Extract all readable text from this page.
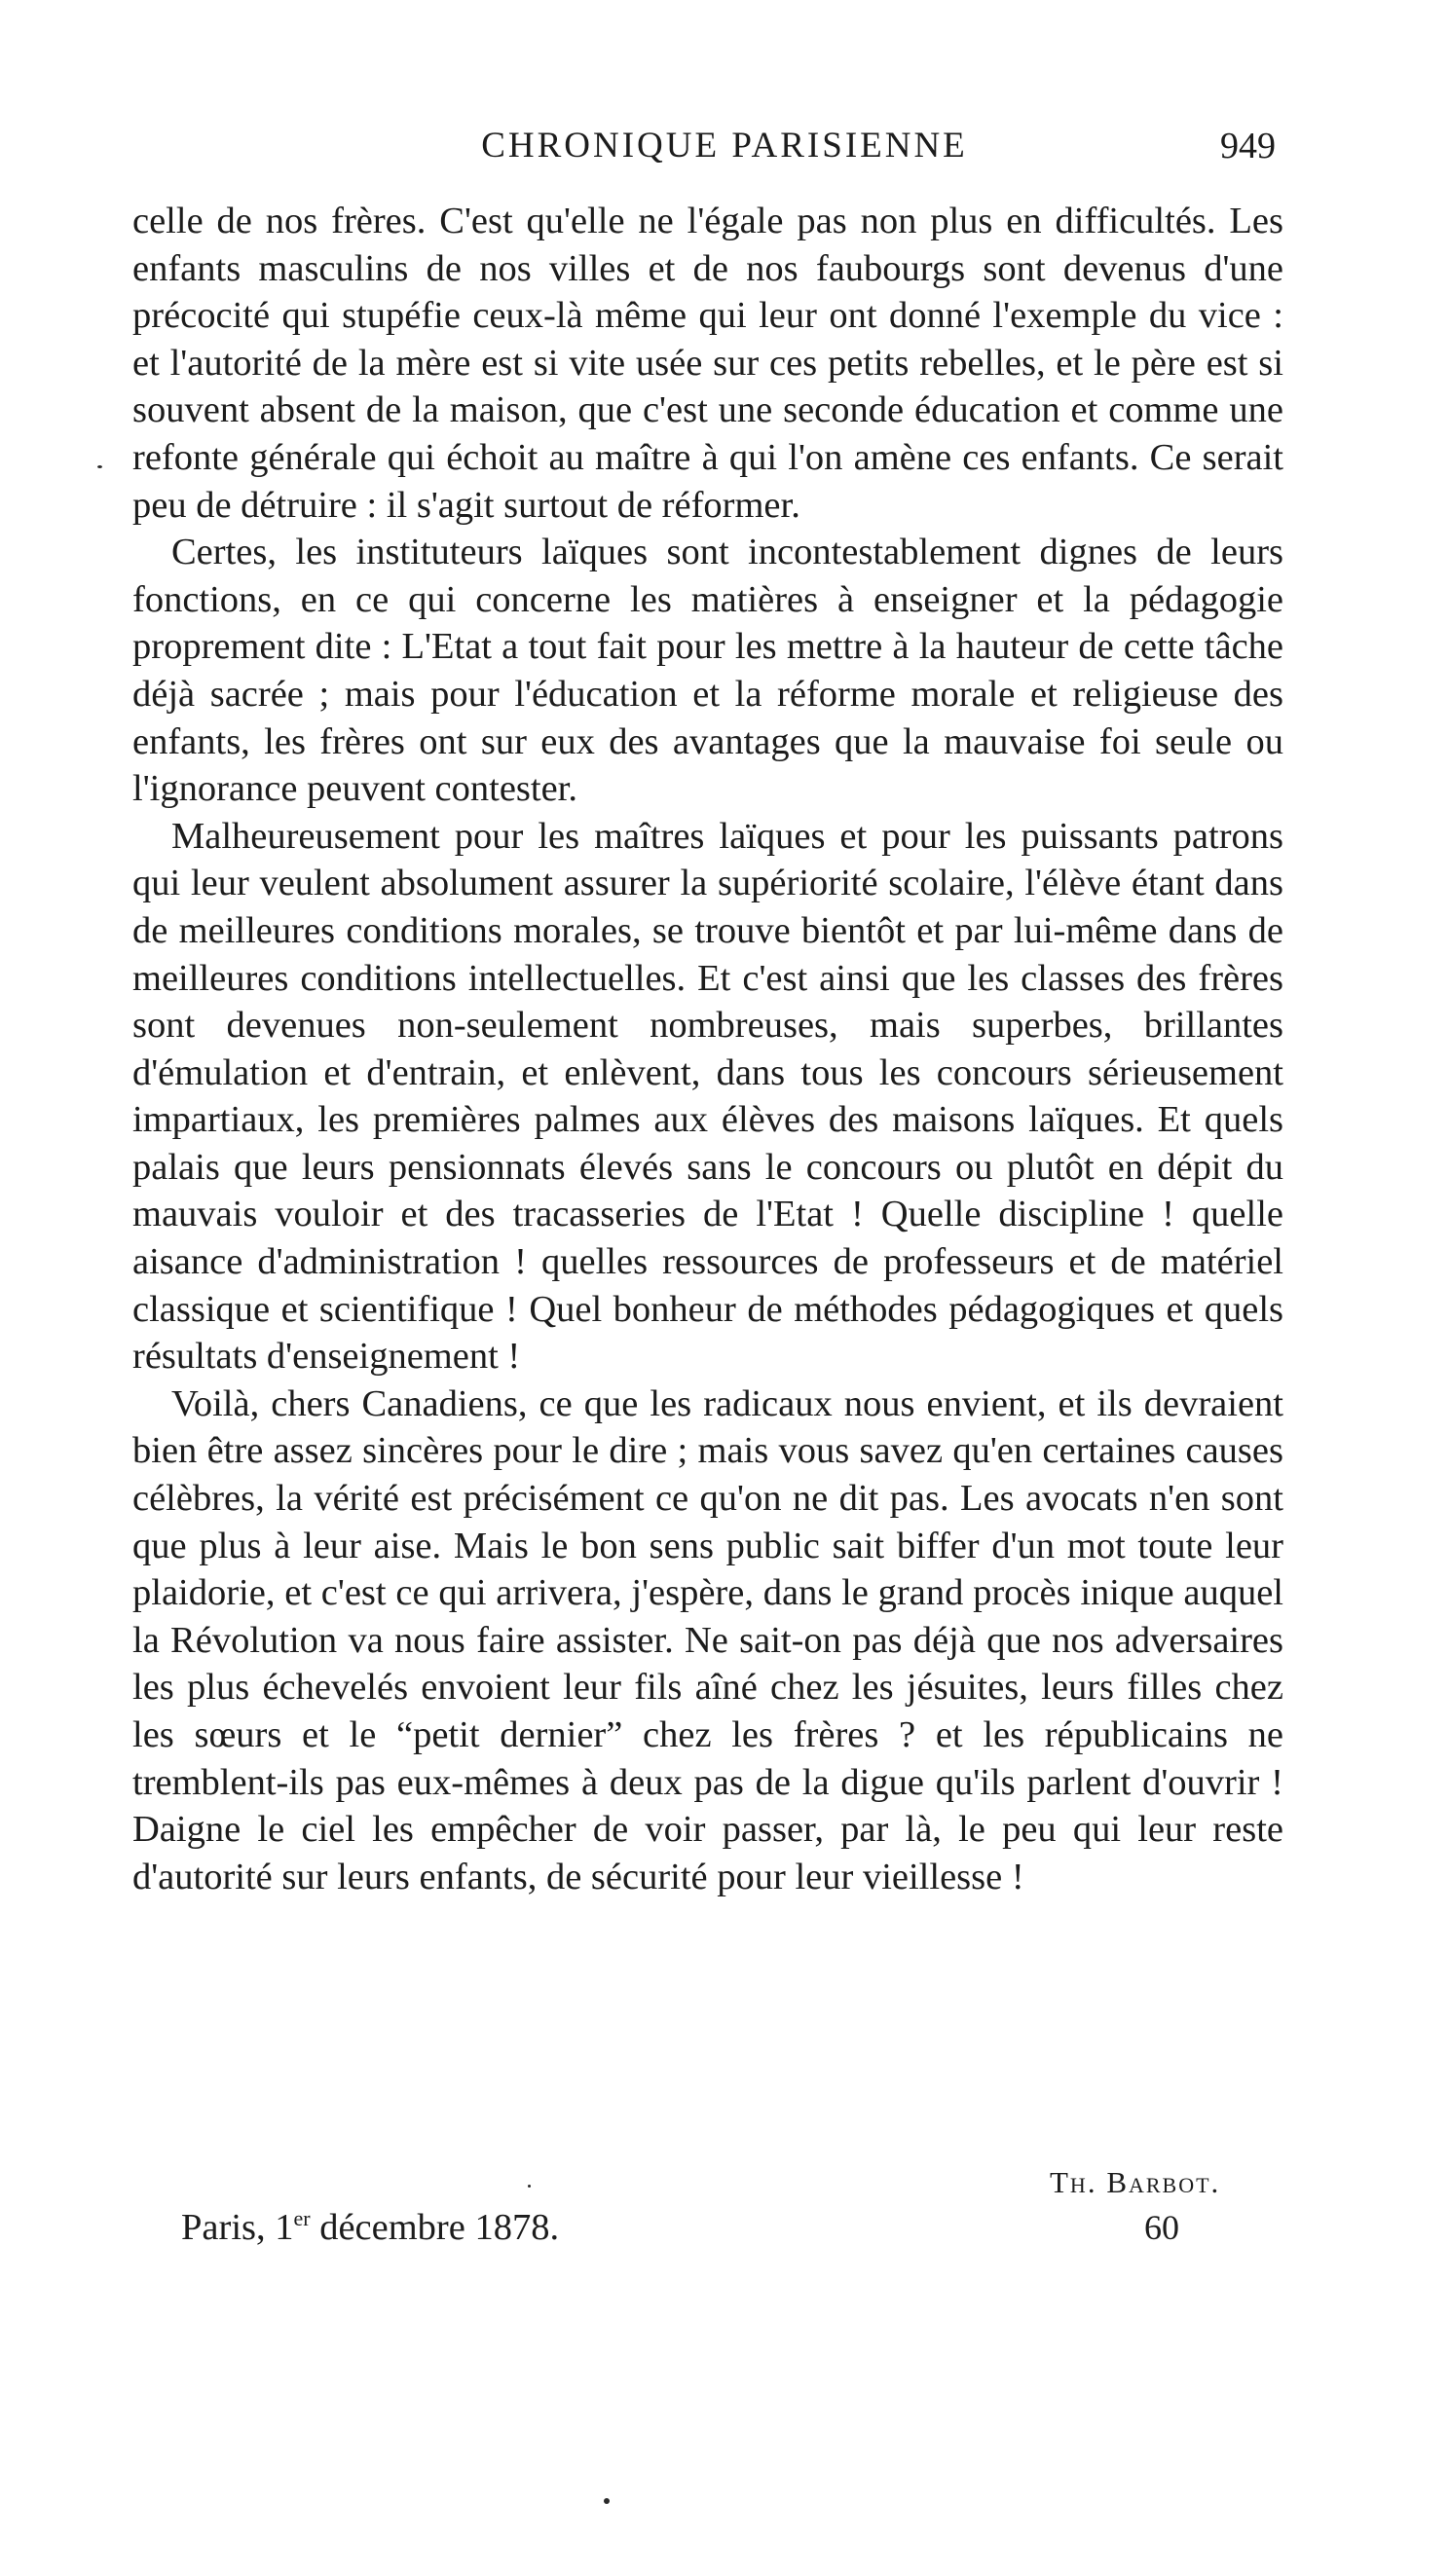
CHRONIQUE PARISIENNE	949

celle de nos frères. C'est qu'elle ne l'égale pas non plus en difficultés. Les enfants masculins de nos villes et de nos faubourgs sont devenus d'une précocité qui stupéfie ceux-là même qui leur ont donné l'exemple du vice : et l'autorité de la mère est si vite usée sur ces petits rebelles, et le père est si souvent absent de la maison, que c'est une seconde éducation et comme une refonte générale qui échoit au maître à qui l'on amène ces enfants. Ce serait peu de détruire : il s'agit surtout de réformer.

Certes, les instituteurs laïques sont incontestablement dignes de leurs fonctions, en ce qui concerne les matières à enseigner et la pédagogie proprement dite : L'Etat a tout fait pour les mettre à la hauteur de cette tâche déjà sacrée ; mais pour l'éducation et la réforme morale et religieuse des enfants, les frères ont sur eux des avantages que la mauvaise foi seule ou l'ignorance peuvent contester.

Malheureusement pour les maîtres laïques et pour les puissants patrons qui leur veulent absolument assurer la supériorité scolaire, l'élève étant dans de meilleures conditions morales, se trouve bientôt et par lui-même dans de meilleures conditions intellectuelles. Et c'est ainsi que les classes des frères sont devenues non-seulement nombreuses, mais superbes, brillantes d'émulation et d'entrain, et enlèvent, dans tous les concours sérieusement impartiaux, les premières palmes aux élèves des maisons laïques. Et quels palais que leurs pensionnats élevés sans le concours ou plutôt en dépit du mauvais vouloir et des tracasseries de l'Etat ! Quelle discipline ! quelle aisance d'administration ! quelles ressources de professeurs et de matériel classique et scientifique ! Quel bonheur de méthodes pédagogiques et quels résultats d'enseignement !

Voilà, chers Canadiens, ce que les radicaux nous envient, et ils devraient bien être assez sincères pour le dire ; mais vous savez qu'en certaines causes célèbres, la vérité est précisément ce qu'on ne dit pas. Les avocats n'en sont que plus à leur aise. Mais le bon sens public sait biffer d'un mot toute leur plaidorie, et c'est ce qui arrivera, j'espère, dans le grand procès inique auquel la Révolution va nous faire assister. Ne sait-on pas déjà que nos adversaires les plus échevelés envoient leur fils aîné chez les jésuites, leurs filles chez les sœurs et le “petit dernier” chez les frères ? et les républicains ne tremblent-ils pas eux-mêmes à deux pas de la digue qu'ils parlent d'ouvrir ! Daigne le ciel les empêcher de voir passer, par là, le peu qui leur reste d'autorité sur leurs enfants, de sécurité pour leur vieillesse !

Th. Barbot.
Paris, 1er décembre 1878.	60
